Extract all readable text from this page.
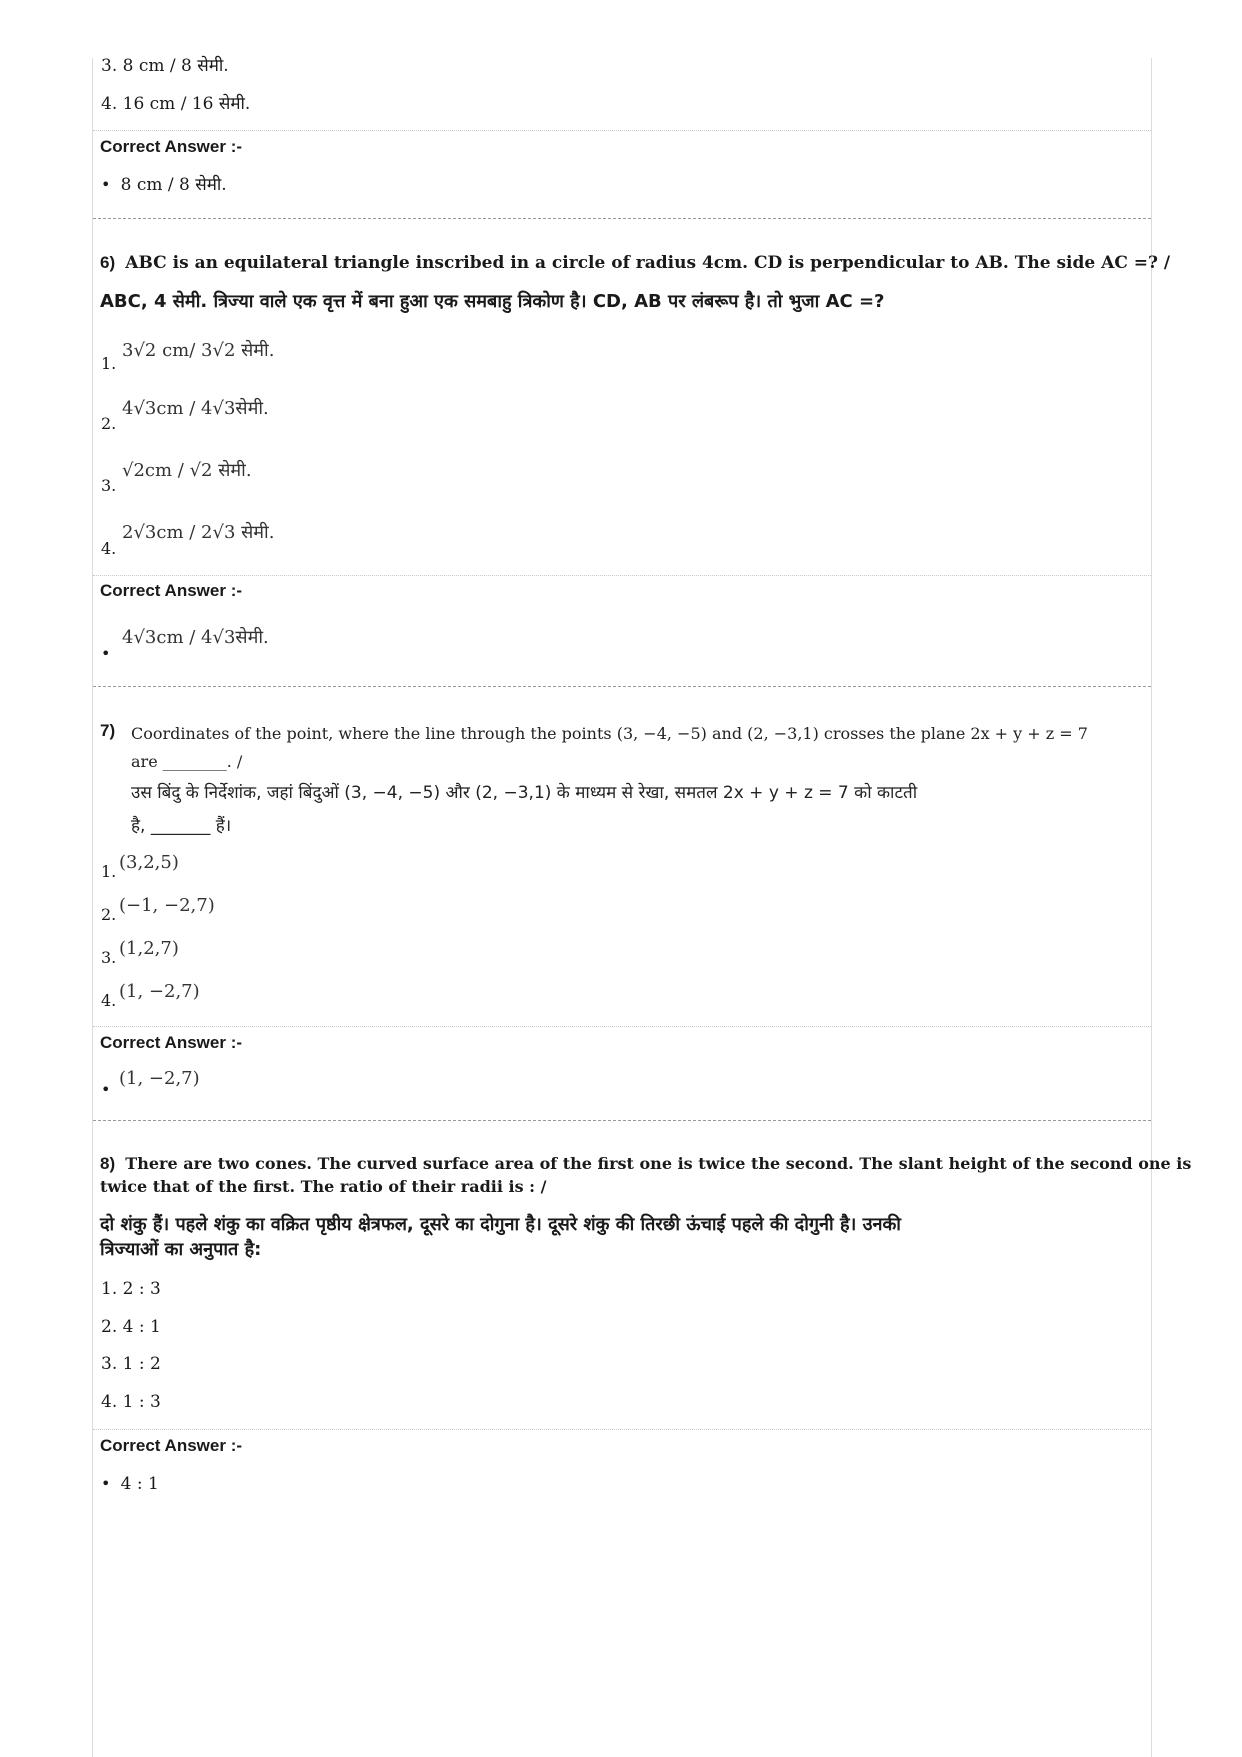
3. 8 cm / 8 सेमी.
4. 16 cm / 16 सेमी.
Correct Answer :-
•  8 cm / 8 सेमी.
6) ABC is an equilateral triangle inscribed in a circle of radius 4cm. CD is perpendicular to AB. The side AC =? /
ABC, 4 सेमी. त्रिज्या वाले एक वृत्त में बना हुआ एक समबाहु त्रिकोण है। CD, AB पर लंबरूप है। तो भुजा AC =?
1.
3√2 cm/ 3√2 सेमी.
2.
4√3cm / 4√3सेमी.
3.
√2cm / √2 सेमी.
4.
2√3cm / 2√3 सेमी.
Correct Answer :-
•
4√3cm / 4√3सेमी.
7) Coordinates of the point, where the line through the points (3, −4, −5) and (2, −3,1) crosses the plane 2x + y + z = 7
are ________. /
उस बिंदु के निर्देशांक, जहां बिंदुओं (3, −4, −5) और (2, −3,1) के माध्यम से रेखा, समतल 2x + y + z = 7 को काटती
है, _______ हैं।
1. (3,2,5)
2. (−1, −2,7)
3. (1,2,7)
4. (1, −2,7)
Correct Answer :-
•
(1, −2,7)
8) There are two cones. The curved surface area of the first one is twice the second. The slant height of the second one is
twice that of the first. The ratio of their radii is : /
दो शंकु हैं। पहले शंकु का वक्रित पृष्ठीय क्षेत्रफल, दूसरे का दोगुना है। दूसरे शंकु की तिरछी ऊंचाई पहले की दोगुनी है। उनकी
त्रिज्याओं का अनुपात है:
1. 2 : 3
2. 4 : 1
3. 1 : 2
4. 1 : 3
Correct Answer :-
•  4 : 1
